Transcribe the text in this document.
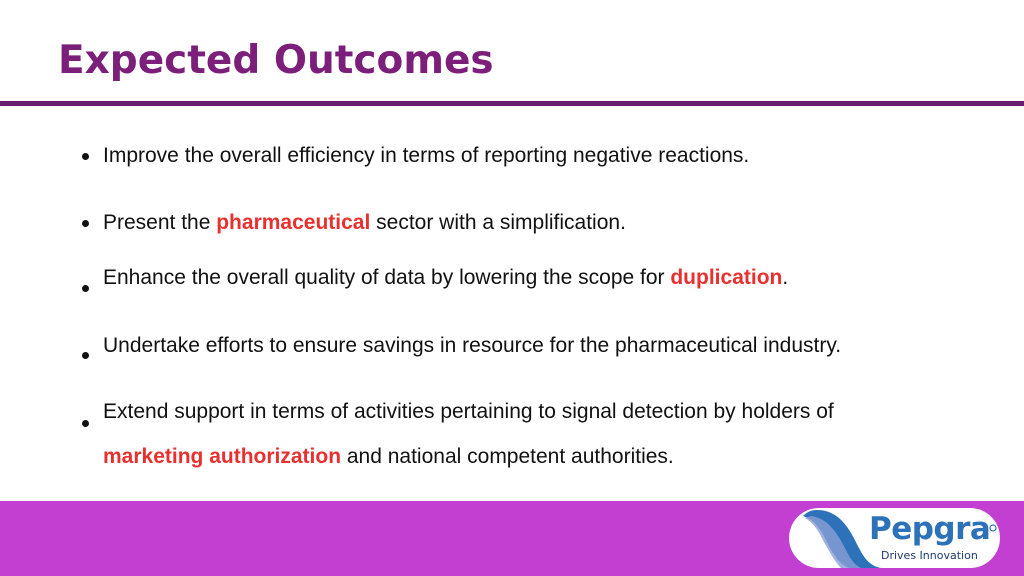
Expected Outcomes
Improve the overall efficiency in terms of reporting negative reactions.
Present the pharmaceutical sector with a simplification.
Enhance the overall quality of data by lowering the scope for duplication.
Undertake efforts to ensure savings in resource for the pharmaceutical industry.
Extend support in terms of activities pertaining to signal detection by holders of
marketing authorization and national competent authorities.
Pepgra
Drives Innovation
